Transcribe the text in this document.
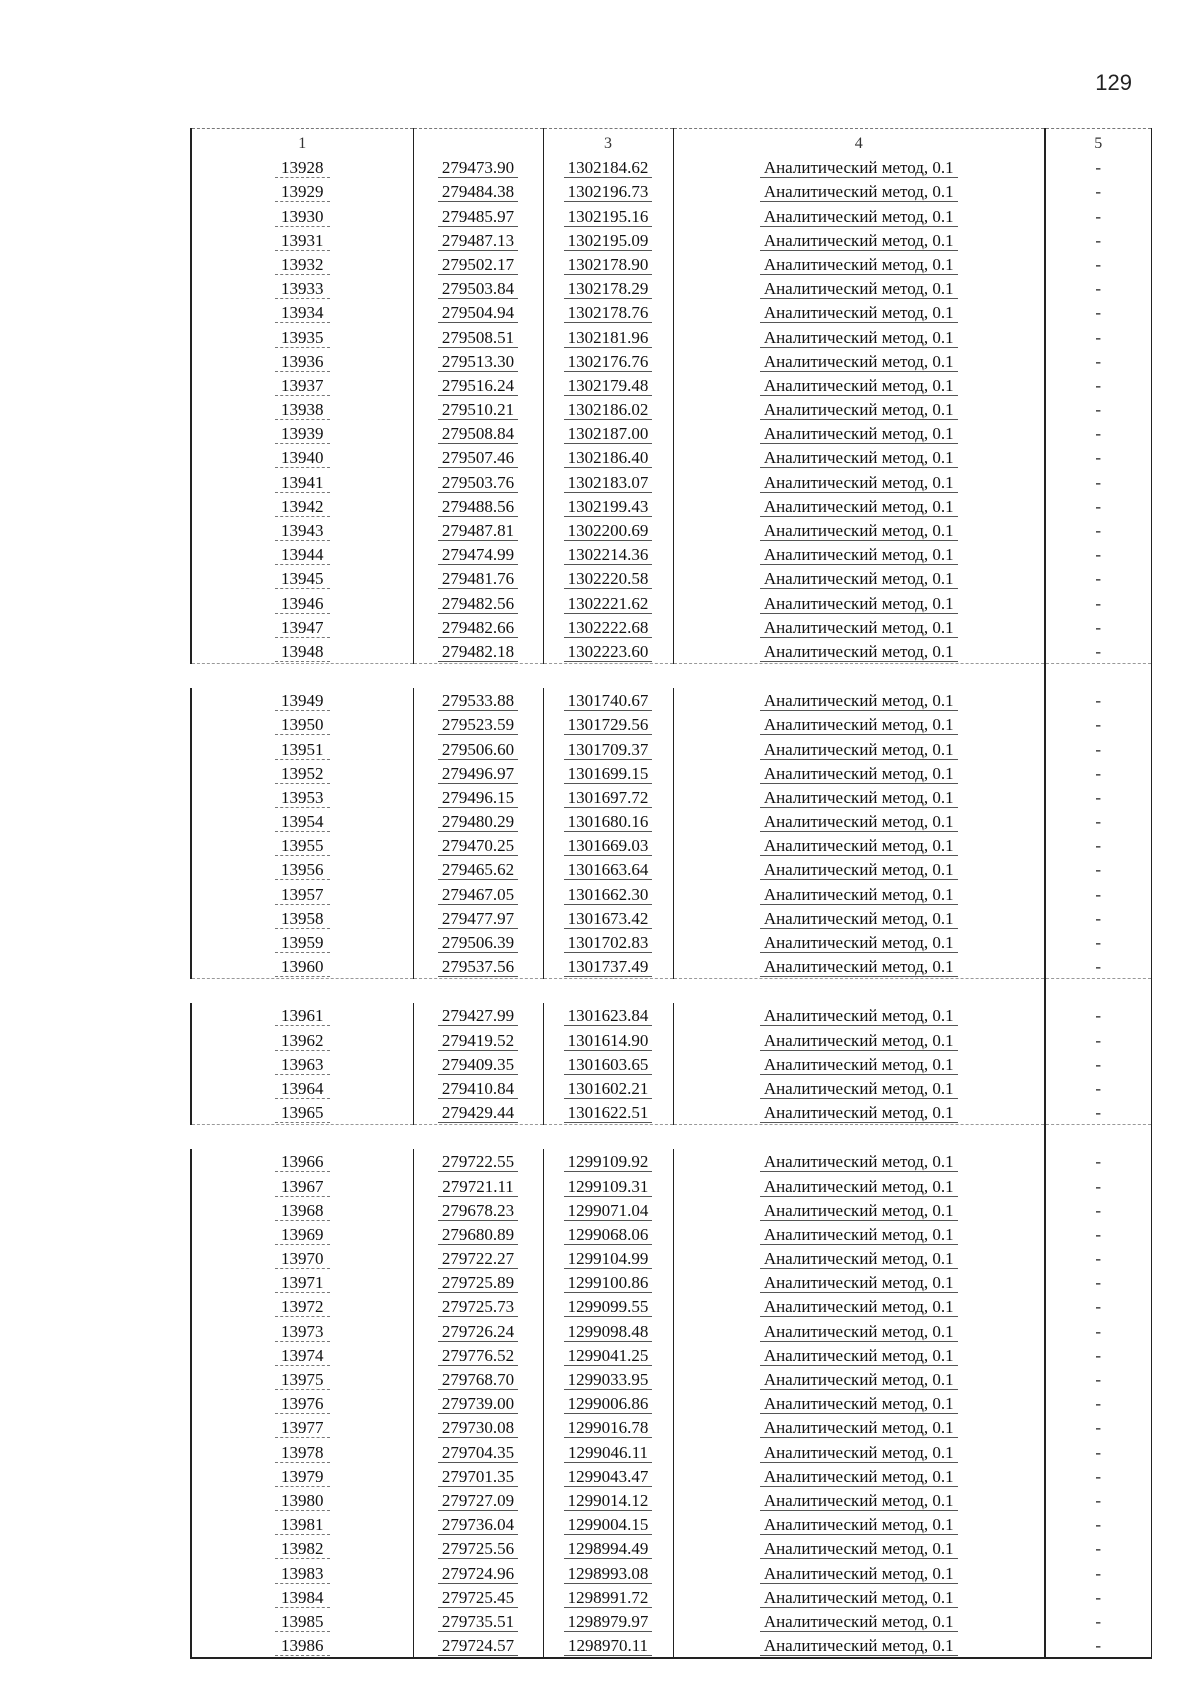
129
1		3	4	5
13928	279473.90	1302184.62	Аналитический метод, 0.1	-
13929	279484.38	1302196.73	Аналитический метод, 0.1	-
13930	279485.97	1302195.16	Аналитический метод, 0.1	-
13931	279487.13	1302195.09	Аналитический метод, 0.1	-
13932	279502.17	1302178.90	Аналитический метод, 0.1	-
13933	279503.84	1302178.29	Аналитический метод, 0.1	-
13934	279504.94	1302178.76	Аналитический метод, 0.1	-
13935	279508.51	1302181.96	Аналитический метод, 0.1	-
13936	279513.30	1302176.76	Аналитический метод, 0.1	-
13937	279516.24	1302179.48	Аналитический метод, 0.1	-
13938	279510.21	1302186.02	Аналитический метод, 0.1	-
13939	279508.84	1302187.00	Аналитический метод, 0.1	-
13940	279507.46	1302186.40	Аналитический метод, 0.1	-
13941	279503.76	1302183.07	Аналитический метод, 0.1	-
13942	279488.56	1302199.43	Аналитический метод, 0.1	-
13943	279487.81	1302200.69	Аналитический метод, 0.1	-
13944	279474.99	1302214.36	Аналитический метод, 0.1	-
13945	279481.76	1302220.58	Аналитический метод, 0.1	-
13946	279482.56	1302221.62	Аналитический метод, 0.1	-
13947	279482.66	1302222.68	Аналитический метод, 0.1	-
13948	279482.18	1302223.60	Аналитический метод, 0.1	-

13949	279533.88	1301740.67	Аналитический метод, 0.1	-
13950	279523.59	1301729.56	Аналитический метод, 0.1	-
13951	279506.60	1301709.37	Аналитический метод, 0.1	-
13952	279496.97	1301699.15	Аналитический метод, 0.1	-
13953	279496.15	1301697.72	Аналитический метод, 0.1	-
13954	279480.29	1301680.16	Аналитический метод, 0.1	-
13955	279470.25	1301669.03	Аналитический метод, 0.1	-
13956	279465.62	1301663.64	Аналитический метод, 0.1	-
13957	279467.05	1301662.30	Аналитический метод, 0.1	-
13958	279477.97	1301673.42	Аналитический метод, 0.1	-
13959	279506.39	1301702.83	Аналитический метод, 0.1	-
13960	279537.56	1301737.49	Аналитический метод, 0.1	-

13961	279427.99	1301623.84	Аналитический метод, 0.1	-
13962	279419.52	1301614.90	Аналитический метод, 0.1	-
13963	279409.35	1301603.65	Аналитический метод, 0.1	-
13964	279410.84	1301602.21	Аналитический метод, 0.1	-
13965	279429.44	1301622.51	Аналитический метод, 0.1	-

13966	279722.55	1299109.92	Аналитический метод, 0.1	-
13967	279721.11	1299109.31	Аналитический метод, 0.1	-
13968	279678.23	1299071.04	Аналитический метод, 0.1	-
13969	279680.89	1299068.06	Аналитический метод, 0.1	-
13970	279722.27	1299104.99	Аналитический метод, 0.1	-
13971	279725.89	1299100.86	Аналитический метод, 0.1	-
13972	279725.73	1299099.55	Аналитический метод, 0.1	-
13973	279726.24	1299098.48	Аналитический метод, 0.1	-
13974	279776.52	1299041.25	Аналитический метод, 0.1	-
13975	279768.70	1299033.95	Аналитический метод, 0.1	-
13976	279739.00	1299006.86	Аналитический метод, 0.1	-
13977	279730.08	1299016.78	Аналитический метод, 0.1	-
13978	279704.35	1299046.11	Аналитический метод, 0.1	-
13979	279701.35	1299043.47	Аналитический метод, 0.1	-
13980	279727.09	1299014.12	Аналитический метод, 0.1	-
13981	279736.04	1299004.15	Аналитический метод, 0.1	-
13982	279725.56	1298994.49	Аналитический метод, 0.1	-
13983	279724.96	1298993.08	Аналитический метод, 0.1	-
13984	279725.45	1298991.72	Аналитический метод, 0.1	-
13985	279735.51	1298979.97	Аналитический метод, 0.1	-
13986	279724.57	1298970.11	Аналитический метод, 0.1	-
